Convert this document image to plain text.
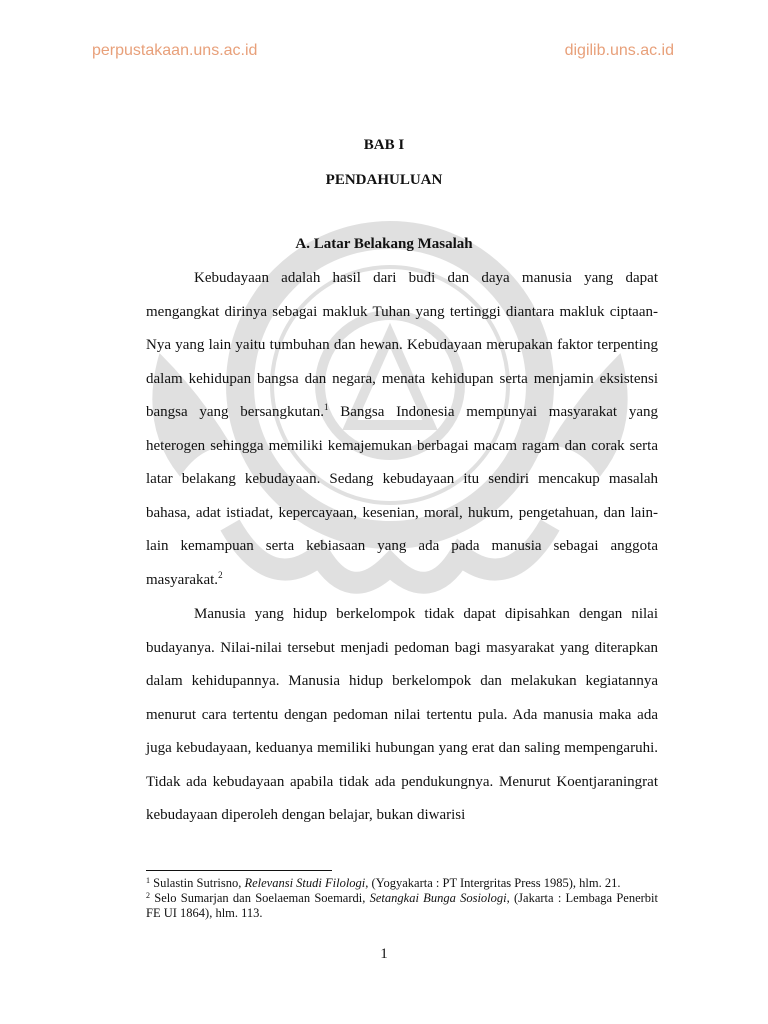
perpustakaan.uns.ac.id	digilib.uns.ac.id
BAB I
PENDAHULUAN
A. Latar Belakang Masalah

Kebudayaan adalah hasil dari budi dan daya manusia yang dapat mengangkat dirinya sebagai makluk Tuhan yang tertinggi diantara makluk ciptaan-Nya yang lain yaitu tumbuhan dan hewan. Kebudayaan merupakan faktor terpenting dalam kehidupan bangsa dan negara, menata kehidupan serta menjamin eksistensi bangsa yang bersangkutan.$^1$ Bangsa Indonesia mempunyai masyarakat yang heterogen sehingga memiliki kemajemukan berbagai macam ragam dan corak serta latar belakang kebudayaan. Sedang kebudayaan itu sendiri mencakup masalah bahasa, adat istiadat, kepercayaan, kesenian, moral, hukum, pengetahuan, dan lain-lain kemampuan serta kebiasaan yang ada pada manusia sebagai anggota masyarakat.$^2$

Manusia yang hidup berkelompok tidak dapat dipisahkan dengan nilai budayanya. Nilai-nilai tersebut menjadi pedoman bagi masyarakat yang diterapkan dalam kehidupannya. Manusia hidup berkelompok dan melakukan kegiatannya menurut cara tertentu dengan pedoman nilai tertentu pula. Ada manusia maka ada juga kebudayaan, keduanya memiliki hubungan yang erat dan saling mempengaruhi. Tidak ada kebudayaan apabila tidak ada pendukungnya. Menurut Koentjaraningrat kebudayaan diperoleh dengan belajar, bukan diwarisi

$^1$ Sulastin Sutrisno, Relevansi Studi Filologi, (Yogyakarta : PT Intergritas Press 1985), hlm. 21.

$^2$ Selo Sumarjan dan Soelaeman Soemardi, Setangkai Bunga Sosiologi, (Jakarta : Lembaga Penerbit FE UI 1864), hlm. 113.

1
